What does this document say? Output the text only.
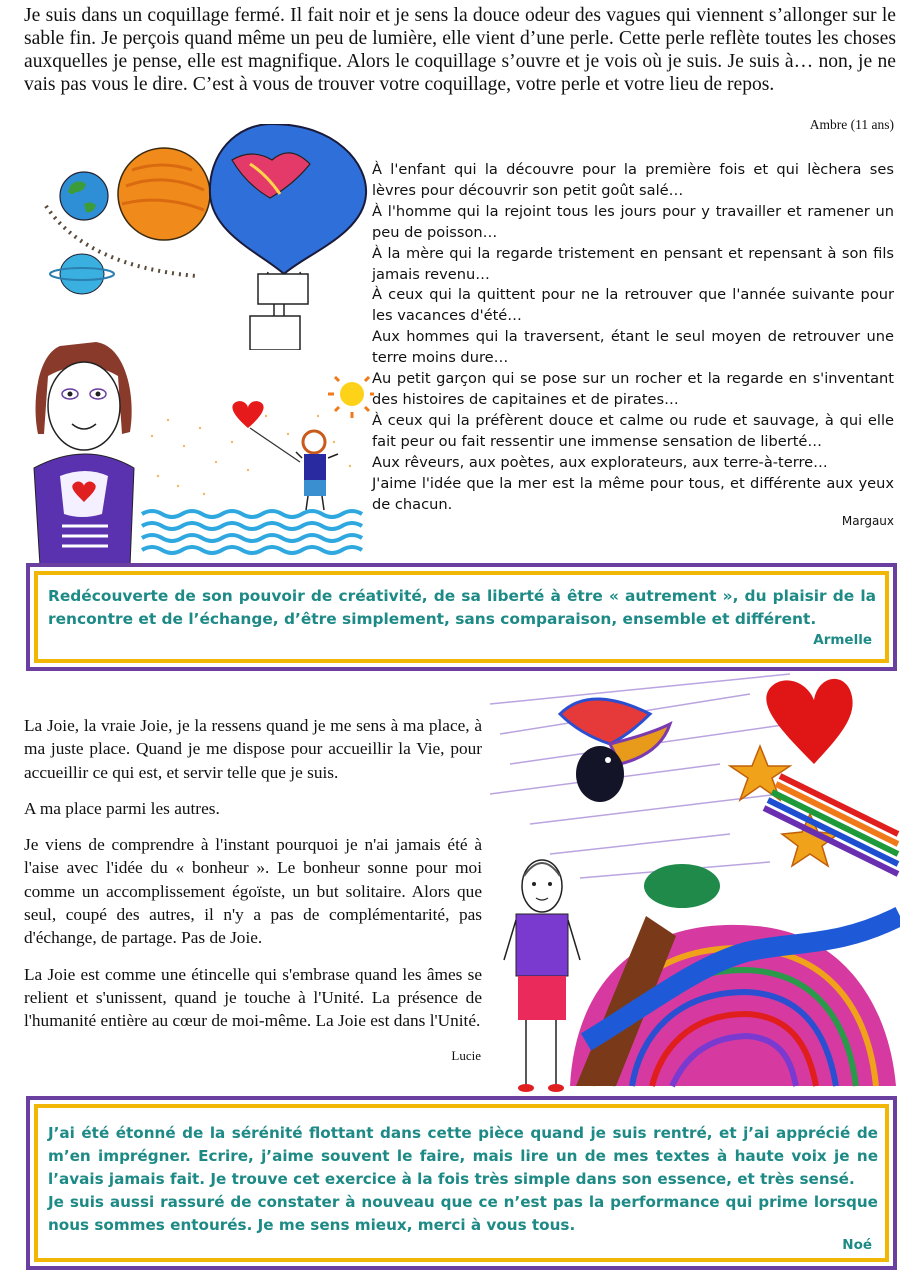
Je suis dans un coquillage fermé. Il fait noir et je sens la douce odeur des vagues qui viennent s’allonger sur le sable fin. Je perçois quand même un peu de lumière, elle vient d’une perle. Cette perle reflète toutes les choses auxquelles je pense, elle est magnifique. Alors le coquillage s’ouvre et je vois où je suis. Je suis à… non, je ne vais pas vous le dire. C’est à vous de trouver votre coquillage, votre perle et votre lieu de repos.
Ambre (11 ans)

À l'enfant qui la découvre pour la première fois et qui lèchera ses lèvres pour découvrir son petit goût salé…

À l'homme qui la rejoint tous les jours pour y travailler et ramener un peu de poisson…

À la mère qui la regarde tristement en pensant et repensant à son fils jamais revenu…

À ceux qui la quittent pour ne la retrouver que l'année suivante pour les vacances d'été…

Aux hommes qui la traversent, étant le seul moyen de retrouver une terre moins dure…

Au petit garçon qui se pose sur un rocher et la regarde en s'inventant des histoires de capitaines et de pirates…

À ceux qui la préfèrent douce et calme ou rude et sauvage, à qui elle fait peur ou fait ressentir une immense sensation de liberté…

Aux rêveurs, aux poètes, aux explorateurs, aux terre-à-terre…

J'aime l'idée que la mer est la même pour tous, et différente aux yeux de chacun.

Margaux
Redécouverte de son pouvoir de créativité, de sa liberté à être « autrement », du plaisir de la rencontre et de l’échange, d’être simplement, sans comparaison, ensemble et différent.
Armelle

La Joie, la vraie Joie, je la ressens quand je me sens à ma place, à ma juste place. Quand je me dispose pour accueillir la Vie, pour accueillir ce qui est, et servir telle que je suis.

A ma place parmi les autres.

Je viens de comprendre à l'instant pourquoi je n'ai jamais été à l'aise avec l'idée du « bonheur ». Le bonheur sonne pour moi comme un accomplissement égoïste, un but solitaire. Alors que seul, coupé des autres, il n'y a pas de complémentarité, pas d'échange, de partage. Pas de Joie.

La Joie est comme une étincelle qui s'embrase quand les âmes se relient et s'unissent, quand je touche à l'Unité. La présence de l'humanité entière au cœur de moi-même. La Joie est dans l'Unité.

Lucie
J’ai été étonné de la sérénité flottant dans cette pièce quand je suis rentré, et j’ai apprécié de m’en imprégner. Ecrire, j’aime souvent le faire, mais lire un de mes textes à haute voix je ne l’avais jamais fait. Je trouve cet exercice à la fois très simple dans son essence, et très sensé.
Je suis aussi rassuré de constater à nouveau que ce n’est pas la performance qui prime lorsque nous sommes entourés. Je me sens mieux, merci à vous tous.
Noé
